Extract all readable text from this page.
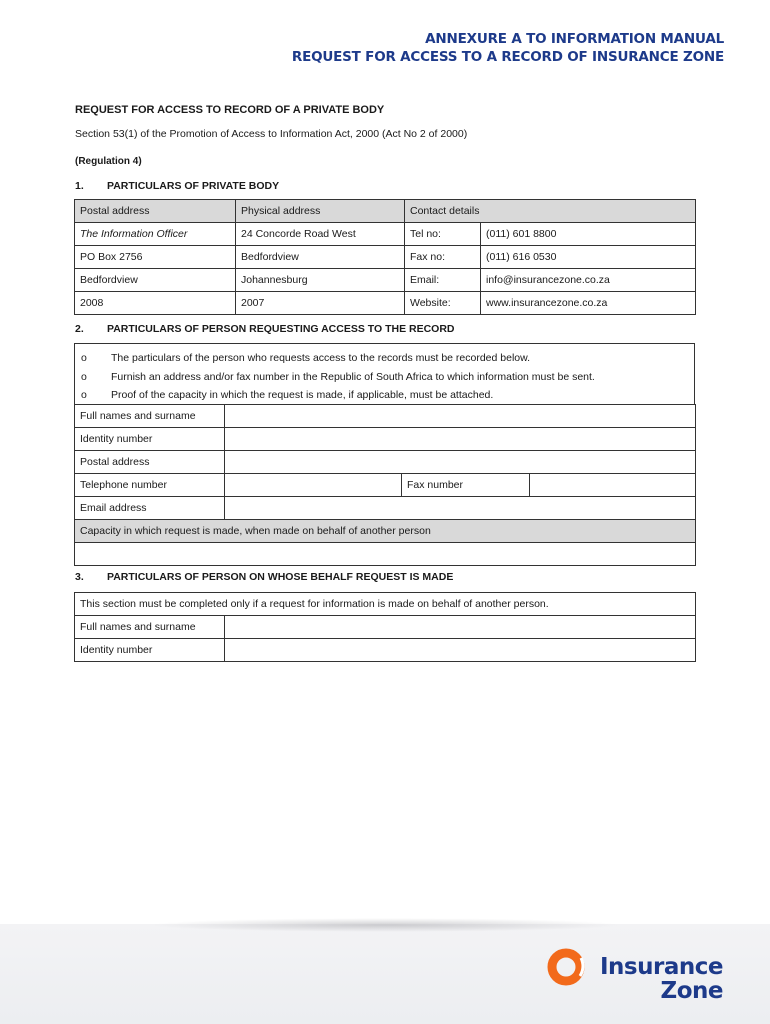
ANNEXURE A TO INFORMATION MANUAL
REQUEST FOR ACCESS TO A RECORD OF INSURANCE ZONE
REQUEST FOR ACCESS TO RECORD OF A PRIVATE BODY
Section 53(1) of the Promotion of Access to Information Act, 2000 (Act No 2 of 2000)
(Regulation 4)
1. PARTICULARS OF PRIVATE BODY
Postal address	Physical address	Contact details	
The Information Officer	24 Concorde Road West	Tel no:	(011) 601 8800
PO Box 2756	Bedfordview	Fax no:	(011) 616 0530
Bedfordview	Johannesburg	Email:	info@insurancezone.co.za
2008	2007	Website:	www.insurancezone.co.za
2. PARTICULARS OF PERSON REQUESTING ACCESS TO THE RECORD
o The particulars of the person who requests access to the records must be recorded below.
o Furnish an address and/or fax number in the Republic of South Africa to which information must be sent.
o Proof of the capacity in which the request is made, if applicable, must be attached.
Full names and surname			
Identity number			
Postal address			
Telephone number		Fax number	
Email address			
Capacity in which request is made, when made on behalf of another person			

3. PARTICULARS OF PERSON ON WHOSE BEHALF REQUEST IS MADE
This section must be completed only if a request for information is made on behalf of another person.	
Full names and surname	
Identity number	
Insurance
Zone
